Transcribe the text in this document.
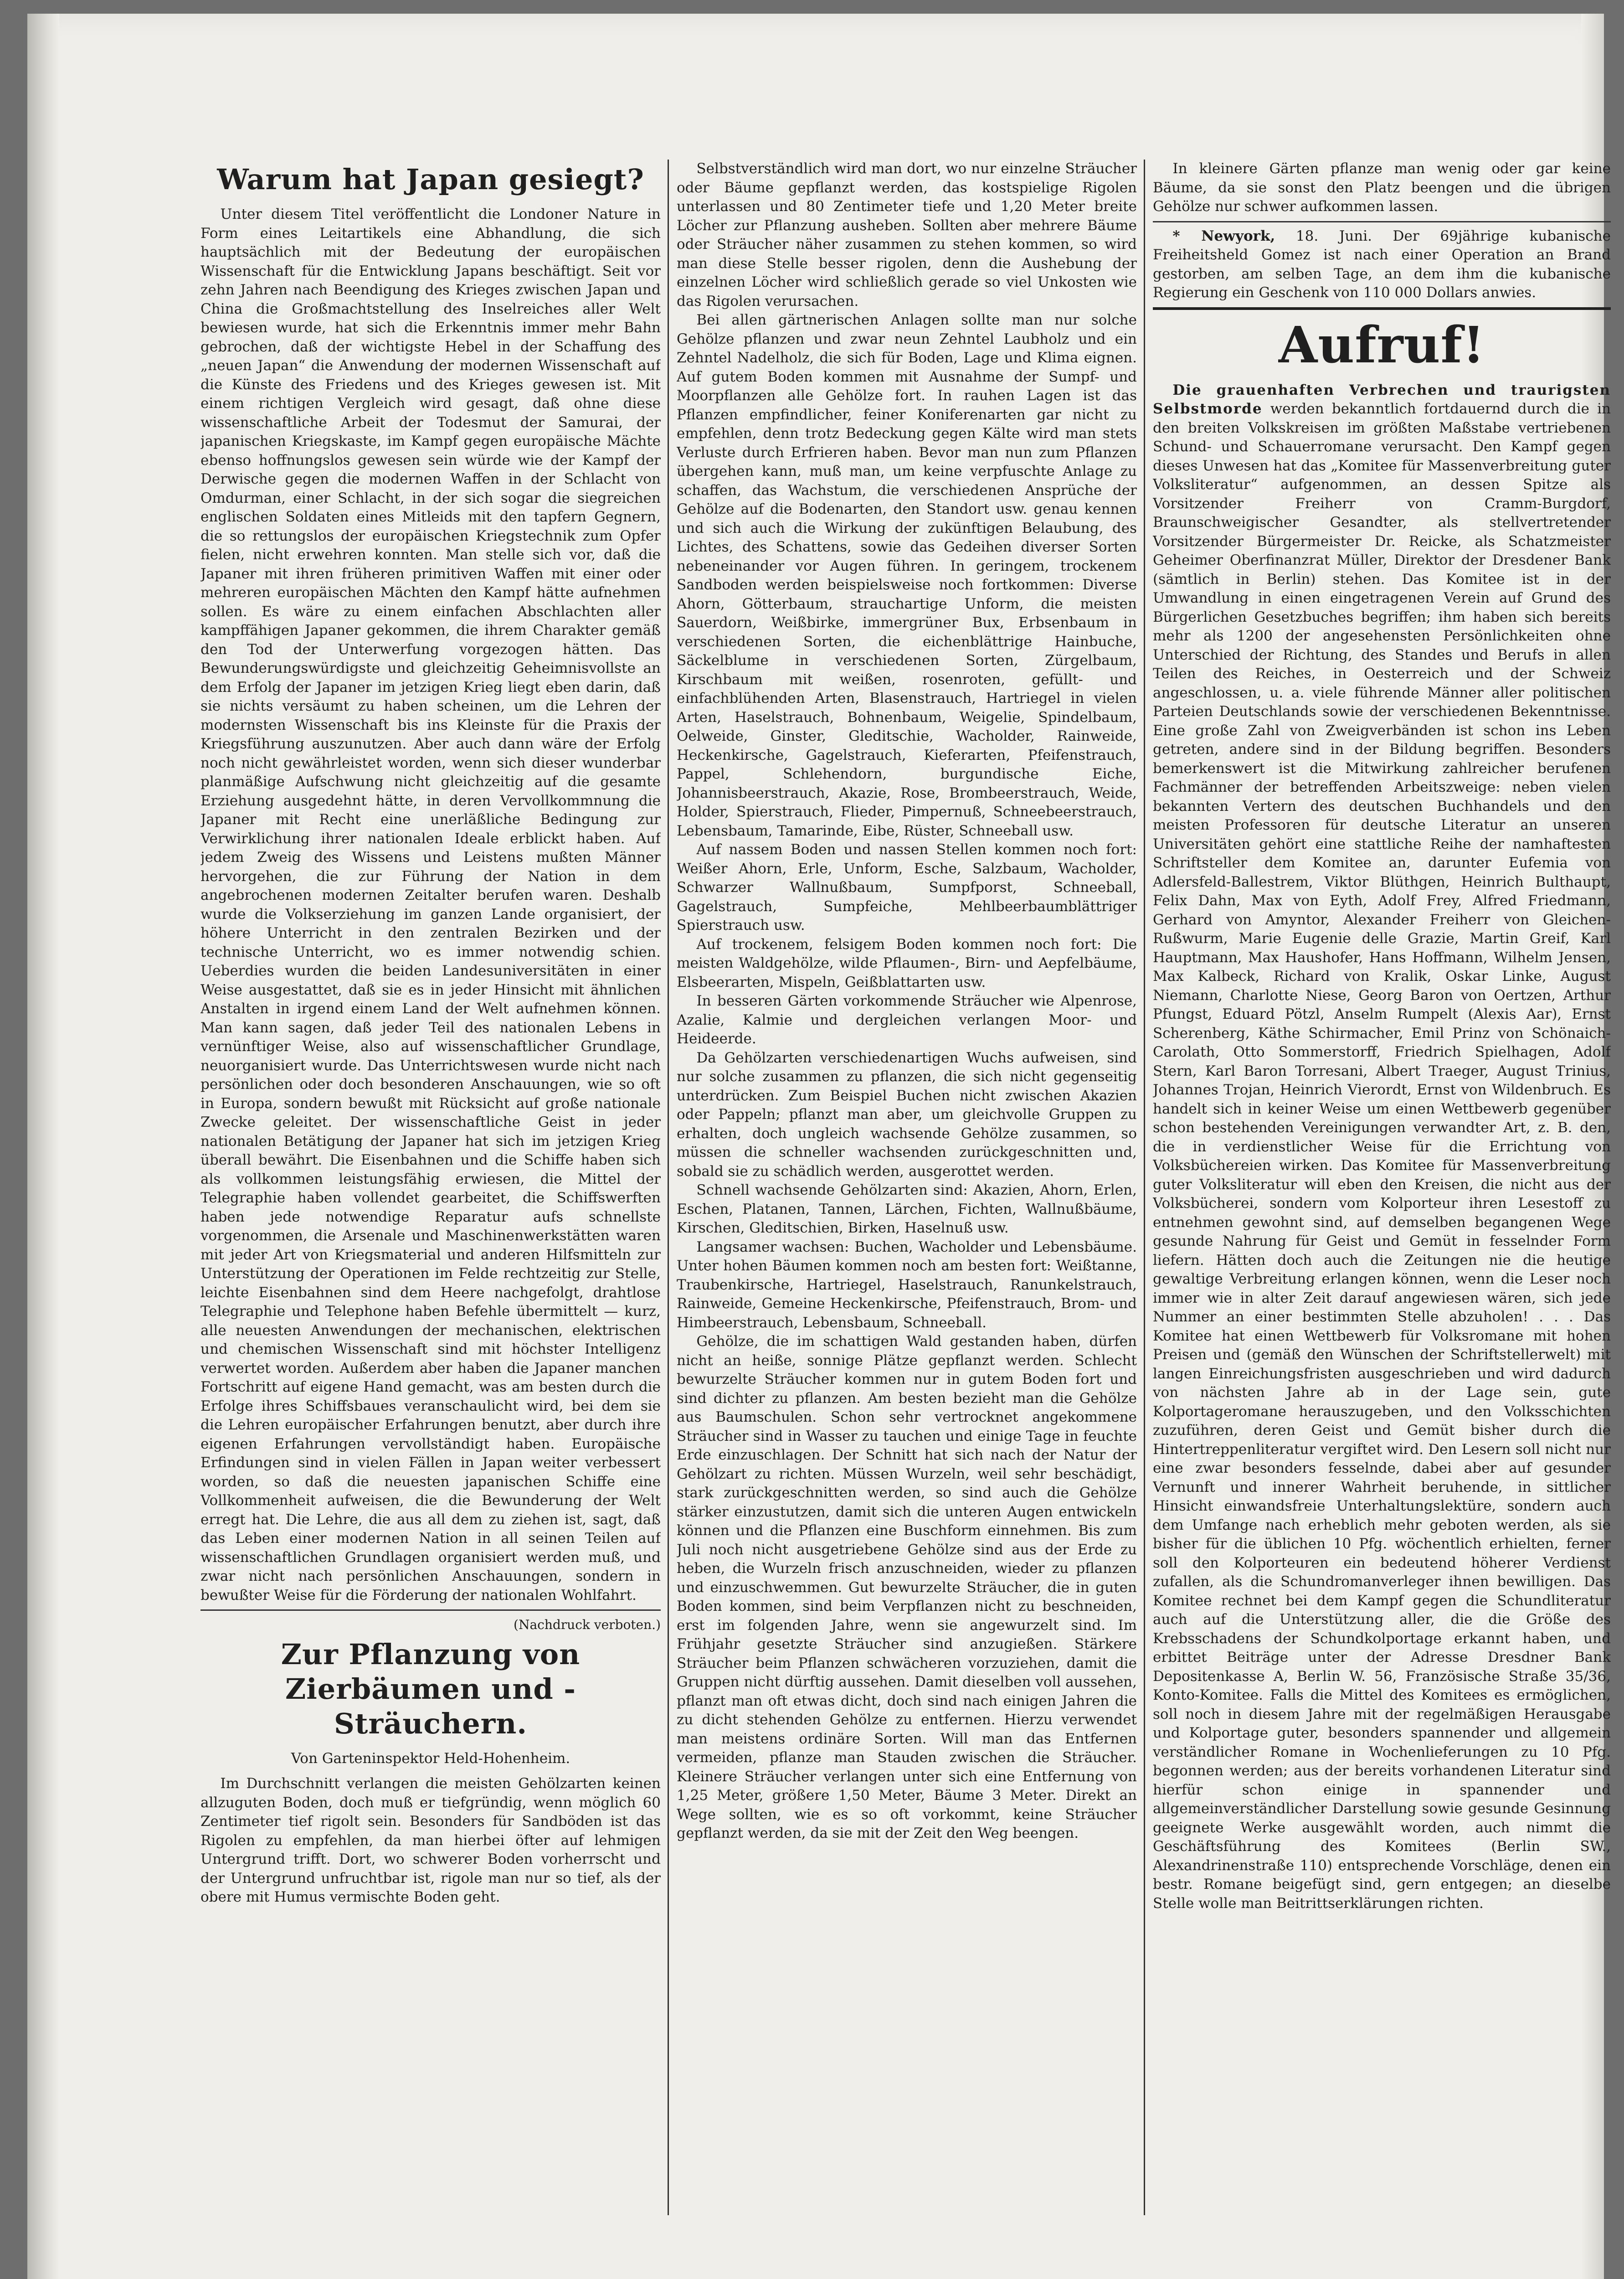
Warum hat Japan gesiegt?

Unter diesem Titel veröffentlicht die Londoner Nature in Form eines Leitartikels eine Abhandlung, die sich hauptsächlich mit der Bedeutung der europäischen Wissenschaft für die Entwicklung Japans beschäftigt. Seit vor zehn Jahren nach Beendigung des Krieges zwischen Japan und China die Großmachtstellung des Inselreiches aller Welt bewiesen wurde, hat sich die Erkenntnis immer mehr Bahn gebrochen, daß der wichtigste Hebel in der Schaffung des „neuen Japan“ die Anwendung der modernen Wissenschaft auf die Künste des Friedens und des Krieges gewesen ist. Mit einem richtigen Vergleich wird gesagt, daß ohne diese wissenschaftliche Arbeit der Todesmut der Samurai, der japanischen Kriegskaste, im Kampf gegen europäische Mächte ebenso hoffnungslos gewesen sein würde wie der Kampf der Derwische gegen die modernen Waffen in der Schlacht von Omdurman, einer Schlacht, in der sich sogar die siegreichen englischen Soldaten eines Mitleids mit den tapfern Gegnern, die so rettungslos der europäischen Kriegstechnik zum Opfer fielen, nicht erwehren konnten. Man stelle sich vor, daß die Japaner mit ihren früheren primitiven Waffen mit einer oder mehreren europäischen Mächten den Kampf hätte aufnehmen sollen. Es wäre zu einem einfachen Abschlachten aller kampffähigen Japaner gekommen, die ihrem Charakter gemäß den Tod der Unterwerfung vorgezogen hätten. Das Bewunderungswürdigste und gleichzeitig Geheimnisvollste an dem Erfolg der Japaner im jetzigen Krieg liegt eben darin, daß sie nichts versäumt zu haben scheinen, um die Lehren der modernsten Wissenschaft bis ins Kleinste für die Praxis der Kriegsführung auszunutzen. Aber auch dann wäre der Erfolg noch nicht gewährleistet worden, wenn sich dieser wunderbar planmäßige Aufschwung nicht gleichzeitig auf die gesamte Erziehung ausgedehnt hätte, in deren Vervollkommnung die Japaner mit Recht eine unerläßliche Bedingung zur Verwirklichung ihrer nationalen Ideale erblickt haben. Auf jedem Zweig des Wissens und Leistens mußten Männer hervorgehen, die zur Führung der Nation in dem angebrochenen modernen Zeitalter berufen waren. Deshalb wurde die Volkserziehung im ganzen Lande organisiert, der höhere Unterricht in den zentralen Bezirken und der technische Unterricht, wo es immer notwendig schien. Ueberdies wurden die beiden Landesuniversitäten in einer Weise ausgestattet, daß sie es in jeder Hinsicht mit ähnlichen Anstalten in irgend einem Land der Welt aufnehmen können. Man kann sagen, daß jeder Teil des nationalen Lebens in vernünftiger Weise, also auf wissenschaftlicher Grundlage, neuorganisiert wurde. Das Unterrichtswesen wurde nicht nach persönlichen oder doch besonderen Anschauungen, wie so oft in Europa, sondern bewußt mit Rücksicht auf große nationale Zwecke geleitet. Der wissenschaftliche Geist in jeder nationalen Betätigung der Japaner hat sich im jetzigen Krieg überall bewährt. Die Eisenbahnen und die Schiffe haben sich als vollkommen leistungsfähig erwiesen, die Mittel der Telegraphie haben vollendet gearbeitet, die Schiffswerften haben jede notwendige Reparatur aufs schnellste vorgenommen, die Arsenale und Maschinenwerkstätten waren mit jeder Art von Kriegsmaterial und anderen Hilfsmitteln zur Unterstützung der Operationen im Felde rechtzeitig zur Stelle, leichte Eisenbahnen sind dem Heere nachgefolgt, drahtlose Telegraphie und Telephone haben Befehle übermittelt — kurz, alle neuesten Anwendungen der mechanischen, elektrischen und chemischen Wissenschaft sind mit höchster Intelligenz verwertet worden. Außerdem aber haben die Japaner manchen Fortschritt auf eigene Hand gemacht, was am besten durch die Erfolge ihres Schiffsbaues veranschaulicht wird, bei dem sie die Lehren europäischer Erfahrungen benutzt, aber durch ihre eigenen Erfahrungen vervollständigt haben. Europäische Erfindungen sind in vielen Fällen in Japan weiter verbessert worden, so daß die neuesten japanischen Schiffe eine Vollkommenheit aufweisen, die die Bewunderung der Welt erregt hat. Die Lehre, die aus all dem zu ziehen ist, sagt, daß das Leben einer modernen Nation in all seinen Teilen auf wissenschaftlichen Grundlagen organisiert werden muß, und zwar nicht nach persönlichen Anschauungen, sondern in bewußter Weise für die Förderung der nationalen Wohlfahrt.

(Nachdruck verboten.)

Zur Pflanzung von Zierbäumen und -Sträuchern.

Von Garteninspektor Held-Hohenheim.

Im Durchschnitt verlangen die meisten Gehölzarten keinen allzuguten Boden, doch muß er tiefgründig, wenn möglich 60 Zentimeter tief rigolt sein. Besonders für Sandböden ist das Rigolen zu empfehlen, da man hierbei öfter auf lehmigen Untergrund trifft. Dort, wo schwerer Boden vorherrscht und der Untergrund unfruchtbar ist, rigole man nur so tief, als der obere mit Humus vermischte Boden geht.

Selbstverständlich wird man dort, wo nur einzelne Sträucher oder Bäume gepflanzt werden, das kostspielige Rigolen unterlassen und 80 Zentimeter tiefe und 1,20 Meter breite Löcher zur Pflanzung ausheben. Sollten aber mehrere Bäume oder Sträucher näher zusammen zu stehen kommen, so wird man diese Stelle besser rigolen, denn die Aushebung der einzelnen Löcher wird schließlich gerade so viel Unkosten wie das Rigolen verursachen.

Bei allen gärtnerischen Anlagen sollte man nur solche Gehölze pflanzen und zwar neun Zehntel Laubholz und ein Zehntel Nadelholz, die sich für Boden, Lage und Klima eignen. Auf gutem Boden kommen mit Ausnahme der Sumpf- und Moorpflanzen alle Gehölze fort. In rauhen Lagen ist das Pflanzen empfindlicher, feiner Koniferenarten gar nicht zu empfehlen, denn trotz Bedeckung gegen Kälte wird man stets Verluste durch Erfrieren haben. Bevor man nun zum Pflanzen übergehen kann, muß man, um keine verpfuschte Anlage zu schaffen, das Wachstum, die verschiedenen Ansprüche der Gehölze auf die Bodenarten, den Standort usw. genau kennen und sich auch die Wirkung der zukünftigen Belaubung, des Lichtes, des Schattens, sowie das Gedeihen diverser Sorten nebeneinander vor Augen führen. In geringem, trockenem Sandboden werden beispielsweise noch fortkommen: Diverse Ahorn, Götterbaum, strauchartige Unform, die meisten Sauerdorn, Weißbirke, immergrüner Bux, Erbsenbaum in verschiedenen Sorten, die eichenblättrige Hainbuche, Säckelblume in verschiedenen Sorten, Zürgelbaum, Kirschbaum mit weißen, rosenroten, gefüllt- und einfachblühenden Arten, Blasenstrauch, Hartriegel in vielen Arten, Haselstrauch, Bohnenbaum, Weigelie, Spindelbaum, Oelweide, Ginster, Gleditschie, Wacholder, Rainweide, Heckenkirsche, Gagelstrauch, Kieferarten, Pfeifenstrauch, Pappel, Schlehendorn, burgundische Eiche, Johannisbeerstrauch, Akazie, Rose, Brombeerstrauch, Weide, Holder, Spierstrauch, Flieder, Pimpernuß, Schneebeerstrauch, Lebensbaum, Tamarinde, Eibe, Rüster, Schneeball usw.

Auf nassem Boden und nassen Stellen kommen noch fort: Weißer Ahorn, Erle, Unform, Esche, Salzbaum, Wacholder, Schwarzer Wallnußbaum, Sumpfporst, Schneeball, Gagelstrauch, Sumpfeiche, Mehlbeerbaumblättriger Spierstrauch usw.

Auf trockenem, felsigem Boden kommen noch fort: Die meisten Waldgehölze, wilde Pflaumen-, Birn- und Aepfelbäume, Elsbeerarten, Mispeln, Geißblattarten usw.

In besseren Gärten vorkommende Sträucher wie Alpenrose, Azalie, Kalmie und dergleichen verlangen Moor- und Heideerde.

Da Gehölzarten verschiedenartigen Wuchs aufweisen, sind nur solche zusammen zu pflanzen, die sich nicht gegenseitig unterdrücken. Zum Beispiel Buchen nicht zwischen Akazien oder Pappeln; pflanzt man aber, um gleichvolle Gruppen zu erhalten, doch ungleich wachsende Gehölze zusammen, so müssen die schneller wachsenden zurückgeschnitten und, sobald sie zu schädlich werden, ausgerottet werden.

Schnell wachsende Gehölzarten sind: Akazien, Ahorn, Erlen, Eschen, Platanen, Tannen, Lärchen, Fichten, Wallnußbäume, Kirschen, Gleditschien, Birken, Haselnuß usw.

Langsamer wachsen: Buchen, Wacholder und Lebensbäume. Unter hohen Bäumen kommen noch am besten fort: Weißtanne, Traubenkirsche, Hartriegel, Haselstrauch, Ranunkelstrauch, Rainweide, Gemeine Heckenkirsche, Pfeifenstrauch, Brom- und Himbeerstrauch, Lebensbaum, Schneeball.

Gehölze, die im schattigen Wald gestanden haben, dürfen nicht an heiße, sonnige Plätze gepflanzt werden. Schlecht bewurzelte Sträucher kommen nur in gutem Boden fort und sind dichter zu pflanzen. Am besten bezieht man die Gehölze aus Baumschulen. Schon sehr vertrocknet angekommene Sträucher sind in Wasser zu tauchen und einige Tage in feuchte Erde einzuschlagen. Der Schnitt hat sich nach der Natur der Gehölzart zu richten. Müssen Wurzeln, weil sehr beschädigt, stark zurückgeschnitten werden, so sind auch die Gehölze stärker einzustutzen, damit sich die unteren Augen entwickeln können und die Pflanzen eine Buschform einnehmen. Bis zum Juli noch nicht ausgetriebene Gehölze sind aus der Erde zu heben, die Wurzeln frisch anzuschneiden, wieder zu pflanzen und einzuschwemmen. Gut bewurzelte Sträucher, die in guten Boden kommen, sind beim Verpflanzen nicht zu beschneiden, erst im folgenden Jahre, wenn sie angewurzelt sind. Im Frühjahr gesetzte Sträucher sind anzugießen. Stärkere Sträucher beim Pflanzen schwächeren vorzuziehen, damit die Gruppen nicht dürftig aussehen. Damit dieselben voll aussehen, pflanzt man oft etwas dicht, doch sind nach einigen Jahren die zu dicht stehenden Gehölze zu entfernen. Hierzu verwendet man meistens ordinäre Sorten. Will man das Entfernen vermeiden, pflanze man Stauden zwischen die Sträucher. Kleinere Sträucher verlangen unter sich eine Entfernung von 1,25 Meter, größere 1,50 Meter, Bäume 3 Meter. Direkt an Wege sollten, wie es so oft vorkommt, keine Sträucher gepflanzt werden, da sie mit der Zeit den Weg beengen.

In kleinere Gärten pflanze man wenig oder gar keine Bäume, da sie sonst den Platz beengen und die übrigen Gehölze nur schwer aufkommen lassen.

* Newyork, 18. Juni. Der 69jährige kubanische Freiheitsheld Gomez ist nach einer Operation an Brand gestorben, am selben Tage, an dem ihm die kubanische Regierung ein Geschenk von 110 000 Dollars anwies.

Aufruf!

Die grauenhaften Verbrechen und traurigsten Selbstmorde werden bekanntlich fortdauernd durch die in den breiten Volkskreisen im größten Maßstabe vertriebenen Schund- und Schauerromane verursacht. Den Kampf gegen dieses Unwesen hat das „Komitee für Massenverbreitung guter Volksliteratur“ aufgenommen, an dessen Spitze als Vorsitzender Freiherr von Cramm-Burgdorf, Braunschweigischer Gesandter, als stellvertretender Vorsitzender Bürgermeister Dr. Reicke, als Schatzmeister Geheimer Oberfinanzrat Müller, Direktor der Dresdener Bank (sämtlich in Berlin) stehen. Das Komitee ist in der Umwandlung in einen eingetragenen Verein auf Grund des Bürgerlichen Gesetzbuches begriffen; ihm haben sich bereits mehr als 1200 der angesehensten Persönlichkeiten ohne Unterschied der Richtung, des Standes und Berufs in allen Teilen des Reiches, in Oesterreich und der Schweiz angeschlossen, u. a. viele führende Männer aller politischen Parteien Deutschlands sowie der verschiedenen Bekenntnisse. Eine große Zahl von Zweigverbänden ist schon ins Leben getreten, andere sind in der Bildung begriffen. Besonders bemerkenswert ist die Mitwirkung zahlreicher berufenen Fachmänner der betreffenden Arbeitszweige: neben vielen bekannten Vertern des deutschen Buchhandels und den meisten Professoren für deutsche Literatur an unseren Universitäten gehört eine stattliche Reihe der namhaftesten Schriftsteller dem Komitee an, darunter Eufemia von Adlersfeld-Ballestrem, Viktor Blüthgen, Heinrich Bulthaupt, Felix Dahn, Max von Eyth, Adolf Frey, Alfred Friedmann, Gerhard von Amyntor, Alexander Freiherr von Gleichen-Rußwurm, Marie Eugenie delle Grazie, Martin Greif, Karl Hauptmann, Max Haushofer, Hans Hoffmann, Wilhelm Jensen, Max Kalbeck, Richard von Kralik, Oskar Linke, August Niemann, Charlotte Niese, Georg Baron von Oertzen, Arthur Pfungst, Eduard Pötzl, Anselm Rumpelt (Alexis Aar), Ernst Scherenberg, Käthe Schirmacher, Emil Prinz von Schönaich-Carolath, Otto Sommerstorff, Friedrich Spielhagen, Adolf Stern, Karl Baron Torresani, Albert Traeger, August Trinius, Johannes Trojan, Heinrich Vierordt, Ernst von Wildenbruch. Es handelt sich in keiner Weise um einen Wettbewerb gegenüber schon bestehenden Vereinigungen verwandter Art, z. B. den, die in verdienstlicher Weise für die Errichtung von Volksbüchereien wirken. Das Komitee für Massenverbreitung guter Volksliteratur will eben den Kreisen, die nicht aus der Volksbücherei, sondern vom Kolporteur ihren Lesestoff zu entnehmen gewohnt sind, auf demselben begangenen Wege gesunde Nahrung für Geist und Gemüt in fesselnder Form liefern. Hätten doch auch die Zeitungen nie die heutige gewaltige Verbreitung erlangen können, wenn die Leser noch immer wie in alter Zeit darauf angewiesen wären, sich jede Nummer an einer bestimmten Stelle abzuholen! . . . Das Komitee hat einen Wettbewerb für Volksromane mit hohen Preisen und (gemäß den Wünschen der Schriftstellerwelt) mit langen Einreichungsfristen ausgeschrieben und wird dadurch von nächsten Jahre ab in der Lage sein, gute Kolportageromane herauszugeben, und den Volksschichten zuzuführen, deren Geist und Gemüt bisher durch die Hintertreppenliteratur vergiftet wird. Den Lesern soll nicht nur eine zwar besonders fesselnde, dabei aber auf gesunder Vernunft und innerer Wahrheit beruhende, in sittlicher Hinsicht einwandsfreie Unterhaltungslektüre, sondern auch dem Umfange nach erheblich mehr geboten werden, als sie bisher für die üblichen 10 Pfg. wöchentlich erhielten, ferner soll den Kolporteuren ein bedeutend höherer Verdienst zufallen, als die Schundromanverleger ihnen bewilligen. Das Komitee rechnet bei dem Kampf gegen die Schundliteratur auch auf die Unterstützung aller, die die Größe des Krebsschadens der Schundkolportage erkannt haben, und erbittet Beiträge unter der Adresse Dresdner Bank Depositenkasse A, Berlin W. 56, Französische Straße 35/36, Konto-Komitee. Falls die Mittel des Komitees es ermöglichen, soll noch in diesem Jahre mit der regelmäßigen Herausgabe und Kolportage guter, besonders spannender und allgemein verständlicher Romane in Wochenlieferungen zu 10 Pfg. begonnen werden; aus der bereits vorhandenen Literatur sind hierfür schon einige in spannender und allgemeinverständlicher Darstellung sowie gesunde Gesinnung geeignete Werke ausgewählt worden, auch nimmt die Geschäftsführung des Komitees (Berlin SW., Alexandrinenstraße 110) entsprechende Vorschläge, denen ein bestr. Romane beigefügt sind, gern entgegen; an dieselbe Stelle wolle man Beitrittserklärungen richten.
